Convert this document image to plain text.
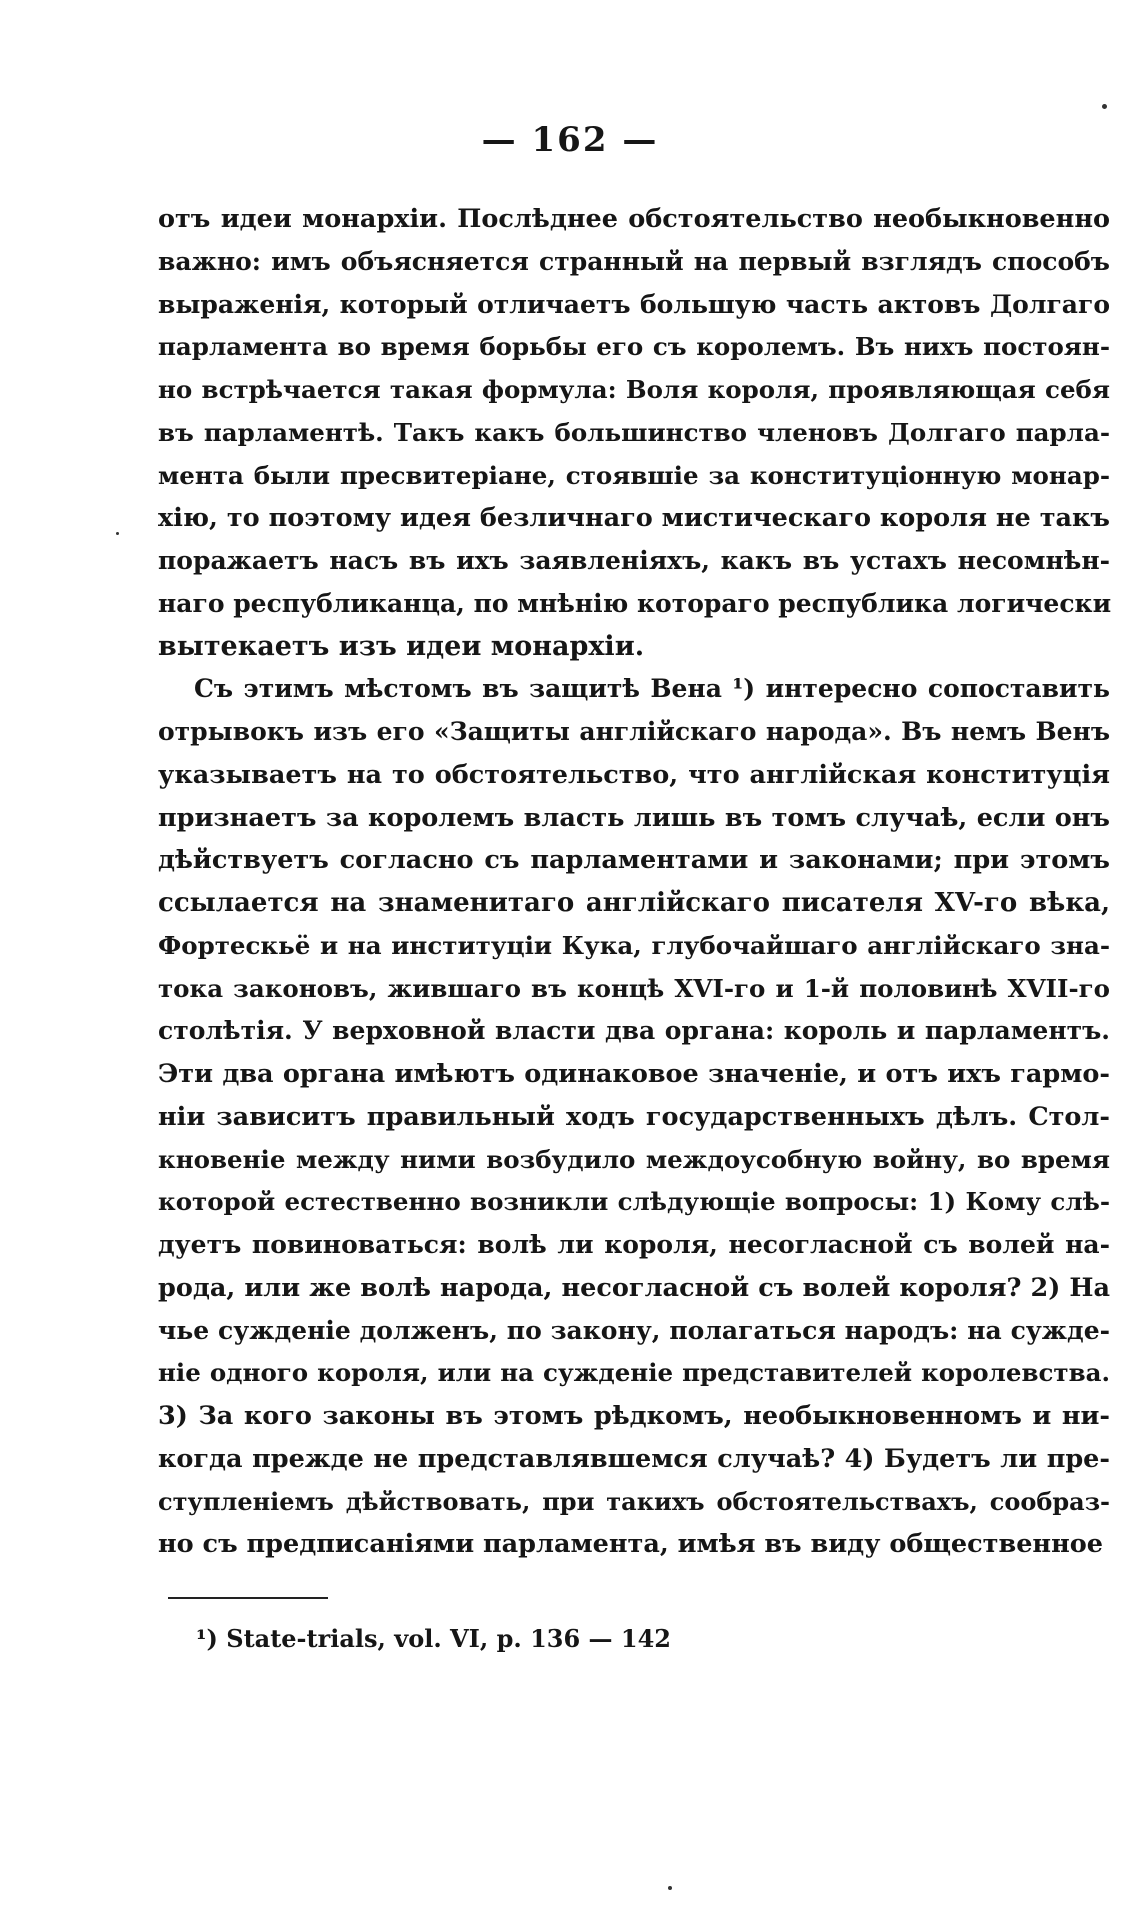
— 162 —
отъ идеи монархіи. Послѣднее обстоятельство необыкновенно
важно: имъ объясняется странный на первый взглядъ способъ
выраженія, который отличаетъ большую часть актовъ Долгаго
парламента во время борьбы его съ королемъ. Въ нихъ постоян-
но встрѣчается такая формула: Воля короля, проявляющая себя
въ парламентѣ. Такъ какъ большинство членовъ Долгаго парла-
мента были пресвитеріане, стоявшіе за конституціонную монар-
хію, то поэтому идея безличнаго мистическаго короля не такъ
поражаетъ насъ въ ихъ заявленіяхъ, какъ въ устахъ несомнѣн-
наго республиканца, по мнѣнію котораго республика логически
вытекаетъ изъ идеи монархіи.
Съ этимъ мѣстомъ въ защитѣ Вена ¹) интересно сопоставить
отрывокъ изъ его «Защиты англійскаго народа». Въ немъ Венъ
указываетъ на то обстоятельство, что англійская конституція
признаетъ за королемъ власть лишь въ томъ случаѣ, если онъ
дѣйствуетъ согласно съ парламентами и законами; при этомъ
ссылается на знаменитаго англійскаго писателя XV-го вѣка,
Фортескьё и на институціи Кука, глубочайшаго англійскаго зна-
тока законовъ, жившаго въ концѣ XVI-го и 1-й половинѣ XVII-го
столѣтія. У верховной власти два органа: король и парламентъ.
Эти два органа имѣютъ одинаковое значеніе, и отъ ихъ гармо-
ніи зависитъ правильный ходъ государственныхъ дѣлъ. Стол-
кновеніе между ними возбудило междоусобную войну, во время
которой естественно возникли слѣдующіе вопросы: 1) Кому слѣ-
дуетъ повиноваться: волѣ ли короля, несогласной съ волей на-
рода, или же волѣ народа, несогласной съ волей короля? 2) На
чье сужденіе долженъ, по закону, полагаться народъ: на сужде-
ніе одного короля, или на сужденіе представителей королевства.
3) За кого законы въ этомъ рѣдкомъ, необыкновенномъ и ни-
когда прежде не представлявшемся случаѣ? 4) Будетъ ли пре-
ступленіемъ дѣйствовать, при такихъ обстоятельствахъ, сообраз-
но съ предписаніями парламента, имѣя въ виду общественное
¹) State-trials, vol. VI, p. 136 — 142
